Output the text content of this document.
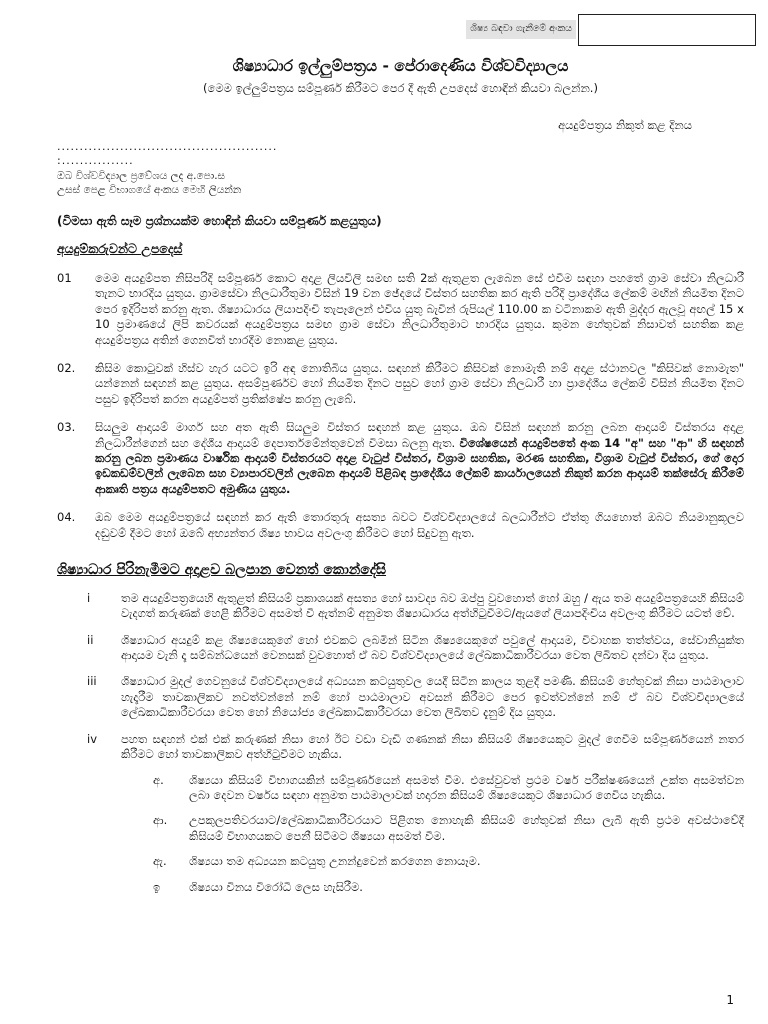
ශිෂ්‍ය බඳවා ගැනීමේ අංකය
ශිෂ්‍යාධාර ඉල්ලුම්පත්‍රය - පේරාදෙණිය විශ්වවිද්‍යාලය
(මෙම ඉල්ලුම්පත්‍රය සම්පූර්ණ කිරීමට පෙර දී ඇති උපදෙස් හොඳින් කියවා බලන්න.)
අයදුම්පත්‍රය නිකුත් කළ දිනය
.................................................
:................
ඔබ විශ්වවිද්‍යාල ප්‍රවේශය ලද අ.පො.ස
උසස් පෙළ විභාගයේ අංකය මෙහි ලියන්න
(විමසා ඇති සෑම ප්‍රශ්නයක්ම හොඳින් කියවා සම්පූර්ණ කළයුතුය)
අයදුම්කරුවන්ට උපදෙස්
01	මෙම අයදුම්පත නිසිපරිදි සම්පූර්ණ කොට අදාළ ලියවිලි සමඟ සති 2ක් ඇතුළත ලැබෙන සේ එවීම සඳහා පහතේ ග්‍රාම සේවා නිලධාරී තැනට භාරදිය යුතුය. ග්‍රාමසේවා නිලධාරීතුමා විසින් 19 වන ඡේදයේ විස්තර සහතික කර ඇති පරිදි ප්‍රාදේශීය ලේකම් මඟින් නියමිත දිනට පෙර ඉදිරිපත් කරනු ඇත. ශිෂ්‍යාධාරය ලියාපදිංචි තැපෑලෙන් එවිය යුතු බැවින් රුපියල් 110.00 ක වටිනාකම ඇති මුද්දර ඇලවූ අඟල් 15 x 10 ප්‍රමාණයේ ලිපි කවරයක් අයදුම්පත්‍රය සමඟ ග්‍රාම සේවා නිලධාරීතුමාට භාරදිය යුතුය. කුමන හේතුවක් නිසාවත් සහතික කළ අයදුම්පත්‍රය අතින් ගෙනවිත් භාරදීම නොකළ යුතුය.
02.	කිසිම කොටුවක් හිස්ව හැර යටට ඉරි අඳ නොතිබිය යුතුය. සඳහන් කිරීමට කිසිවක් නොමැති නම් අදාළ ස්ථානවල "කිසිවක් නොමැත" යන්නෙන් සඳහන් කළ යුතුය. අසම්පූර්ණව හෝ නියමිත දිනට පසුව හෝ ග්‍රාම සේවා නිලධාරී හා ප්‍රාදේශීය ලේකම් විසින් නියමිත දිනට පසුව ඉදිරිපත් කරන අයදුම්පත් ප්‍රතික්ෂේප කරනු ලැබේ.
03.	සියලුම ආදායම් මාර්ග සහ අත ඇති සියලුම විස්තර සඳහන් කළ යුතුය. ඔබ විසින් සඳහන් කරනු ලබන ආදායම් විස්තරය අදාළ නිලධාරීන්ගෙන් සහ දේශීය ආදායම් දෙපාර්තමේන්තුවෙන් විමසා බලනු ඇත. විශේෂයෙන් අයදුම්පතේ අංක 14 "අ" සහ "ආ" හි සඳහන් කරනු ලබන ප්‍රමාණය වාර්ෂික ආදායම් විස්තරයට අදාළ වැටුප් විස්තර, විශ්‍රාම සහතික, මරණ සහතික, විශ්‍රාම වැටුප් විස්තර, ගේ දොර ඉඩකඩම්වලින් ලැබෙන සහ ව්‍යාපාරවලින් ලැබෙන ආදායම් පිළිබඳ ප්‍රාදේශීය ලේකම් කාර්යාලයෙන් නිකුත් කරන ආදායම් තක්සේරු කිරීමේ ආකෘති පත්‍රය අයදුම්පතට අමුණිය යුතුය.
04.	ඔබ මෙම අයදුම්පත්‍රයේ සඳහන් කර ඇති තොරතුරු අසත්‍ය බවට විශ්වවිද්‍යාලයේ බලධාරීන්ට ඒත්තු ගියහොත් ඔබට නියමානුකූලව දඬුවම් දීමට හෝ ඔබේ අභ්‍යන්තර ශිෂ්‍ය භාවය අවලංගු කිරීමට හෝ සිදුවනු ඇත.
ශිෂ්‍යාධාර පිරිනැමීමට අදාළව බලපාන වෙනත් කොන්දේසි
i	තම අයදුම්පත්‍රයෙහි ඇතුළත් කිසියම් ප්‍රකාශයක් අසත්‍ය හෝ සාවද්‍ය බව ඔප්පු වුවහොත් හෝ ඔහු / ඇය තම අයදුම්පත්‍රයෙහි කිසියම් වැදගත් කරුණක් හෙළි කිරීමට අසමත් වී ඇත්නම් අනුමත ශිෂ්‍යාධාරය අත්හිටුවීමට/ඇයගේ ලියාපදිංචිය අවලංගු කිරීමට යටත් වේ.
ii	ශිෂ්‍යාධාර අයදුම් කළ ශිෂ්‍යයෙකුගේ හෝ එවකට ලබමින් සිටින ශිෂ්‍යයෙකුගේ පවුලේ ආදායම, විවාහක තත්ත්වය, සේවානියුක්ත ආදායම වැනි දෑ සම්බන්ධයෙන් වෙනසක් වුවහොත් ඒ බව විශ්වවිද්‍යාලයේ ලේඛකාධිකාරීවරයා වෙත ලිඛිතව දන්වා දිය යුතුය.
iii	ශිෂ්‍යාධාර මුදල් ගෙවනුයේ විශ්වවිද්‍යාලයේ අධ්‍යයන කටයුතුවල යෙදී සිටින කාලය තුළදී පමණි. කිසියම් හේතුවක් නිසා පාඨමාලාව හැදෑරීම තාවකාලිකව නවත්වන්නේ නම් හෝ පාඨමාලාව අවසන් කිරීමට පෙර ඉවත්වන්නේ නම් ඒ බව විශ්වවිද්‍යාලයේ ලේඛකාධිකාරීවරයා වෙත හෝ නියෝජ්‍ය ලේඛකාධිකාරීවරයා වෙත ලිඛිතව දැනුම් දිය යුතුය.
iv	පහත සඳහන් එක් එක් කරුණක් නිසා හෝ ඊට වඩා වැඩි ගණනක් නිසා කිසියම් ශිෂ්‍යයෙකුට මුදල් ගෙවීම සම්පූර්ණයෙන් නතර කිරීමට හෝ තාවකාලිකව අත්හිටුවීමට හැකිය.
අ.	ශිෂ්‍යයා කිසියම් විභාගයකින් සම්පූර්ණයෙන් අසමත් වීම. එසේවුවත් ප්‍රථම වර්ෂ පරීක්ෂණයෙන් උක්ත අසමත්වන ලබා දෙවන වර්ෂය සඳහා අනුමත පාඨමාලාවක් හදාරන කිසියම් ශිෂ්‍යයෙකුට ශිෂ්‍යාධාර ගෙවිය හැකිය.
ආ.	උපකුලපතිවරයාට/ලේඛකාධිකාරීවරයාට පිළිගත නොහැකි කිසියම් හේතුවක් නිසා ලැබී ඇති ප්‍රථම අවස්ථාවේදී කිසියම් විභාගයකට පෙනී සිටීමට ශිෂ්‍යයා අසමත් වීම.
ඇ.	ශිෂ්‍යයා තම අධ්‍යයන කටයුතු උනන්දුවෙන් කරගෙන නොයෑම.
ඉ	ශිෂ්‍යයා විනය විරෝධී ලෙස හැසිරීම.
1
